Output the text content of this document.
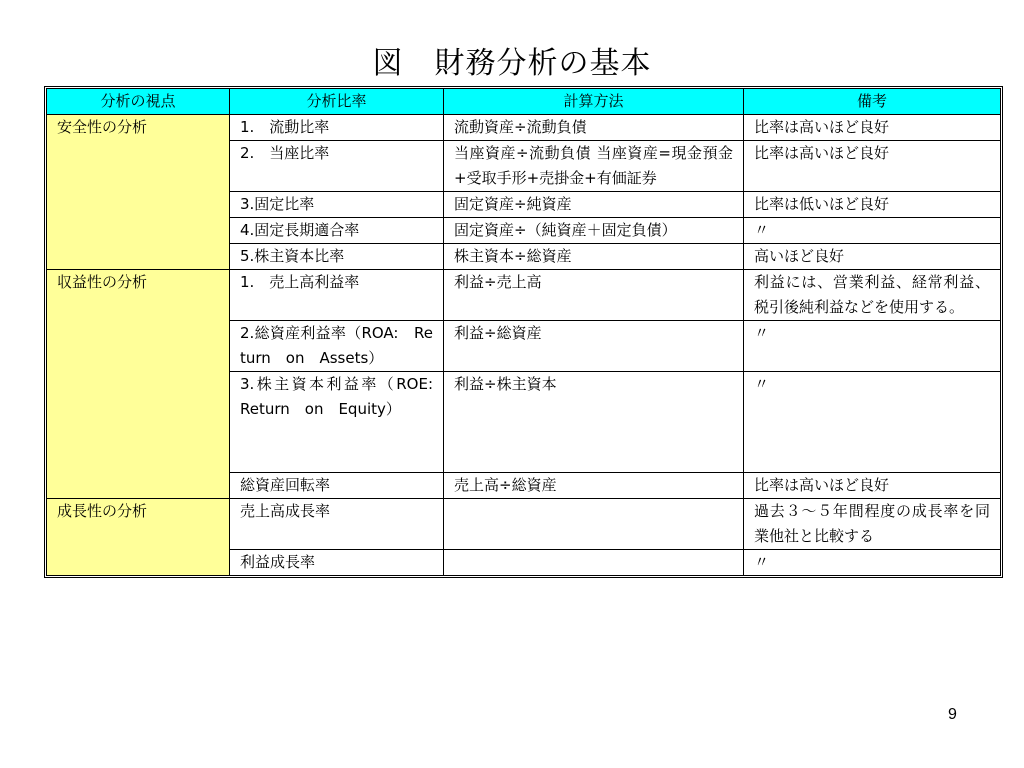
図　財務分析の基本
分析の視点	分析比率	計算方法	備考
安全性の分析	1.　流動比率	流動資産÷流動負債	比率は高いほど良好
	2.　当座比率	当座資産÷流動負債 当座資産=現金預金+受取手形+売掛金+有価証券	比率は高いほど良好
	3.固定比率	固定資産÷純資産	比率は低いほど良好
	4.固定長期適合率	固定資産÷（純資産＋固定負債）	〃
	5.株主資本比率	株主資本÷総資産	高いほど良好
収益性の分析	1.　売上高利益率	利益÷売上高	利益には、営業利益、経常利益、税引後純利益などを使用する。
	2.総資産利益率（ROA:　Return　on　Assets）	利益÷総資産	〃
	3.株主資本利益率（ROE:　Return　on　Equity）	利益÷株主資本	〃
	総資産回転率	売上高÷総資産	比率は高いほど良好
成長性の分析	売上高成長率		過去３～５年間程度の成長率を同業他社と比較する
	利益成長率		〃
9
